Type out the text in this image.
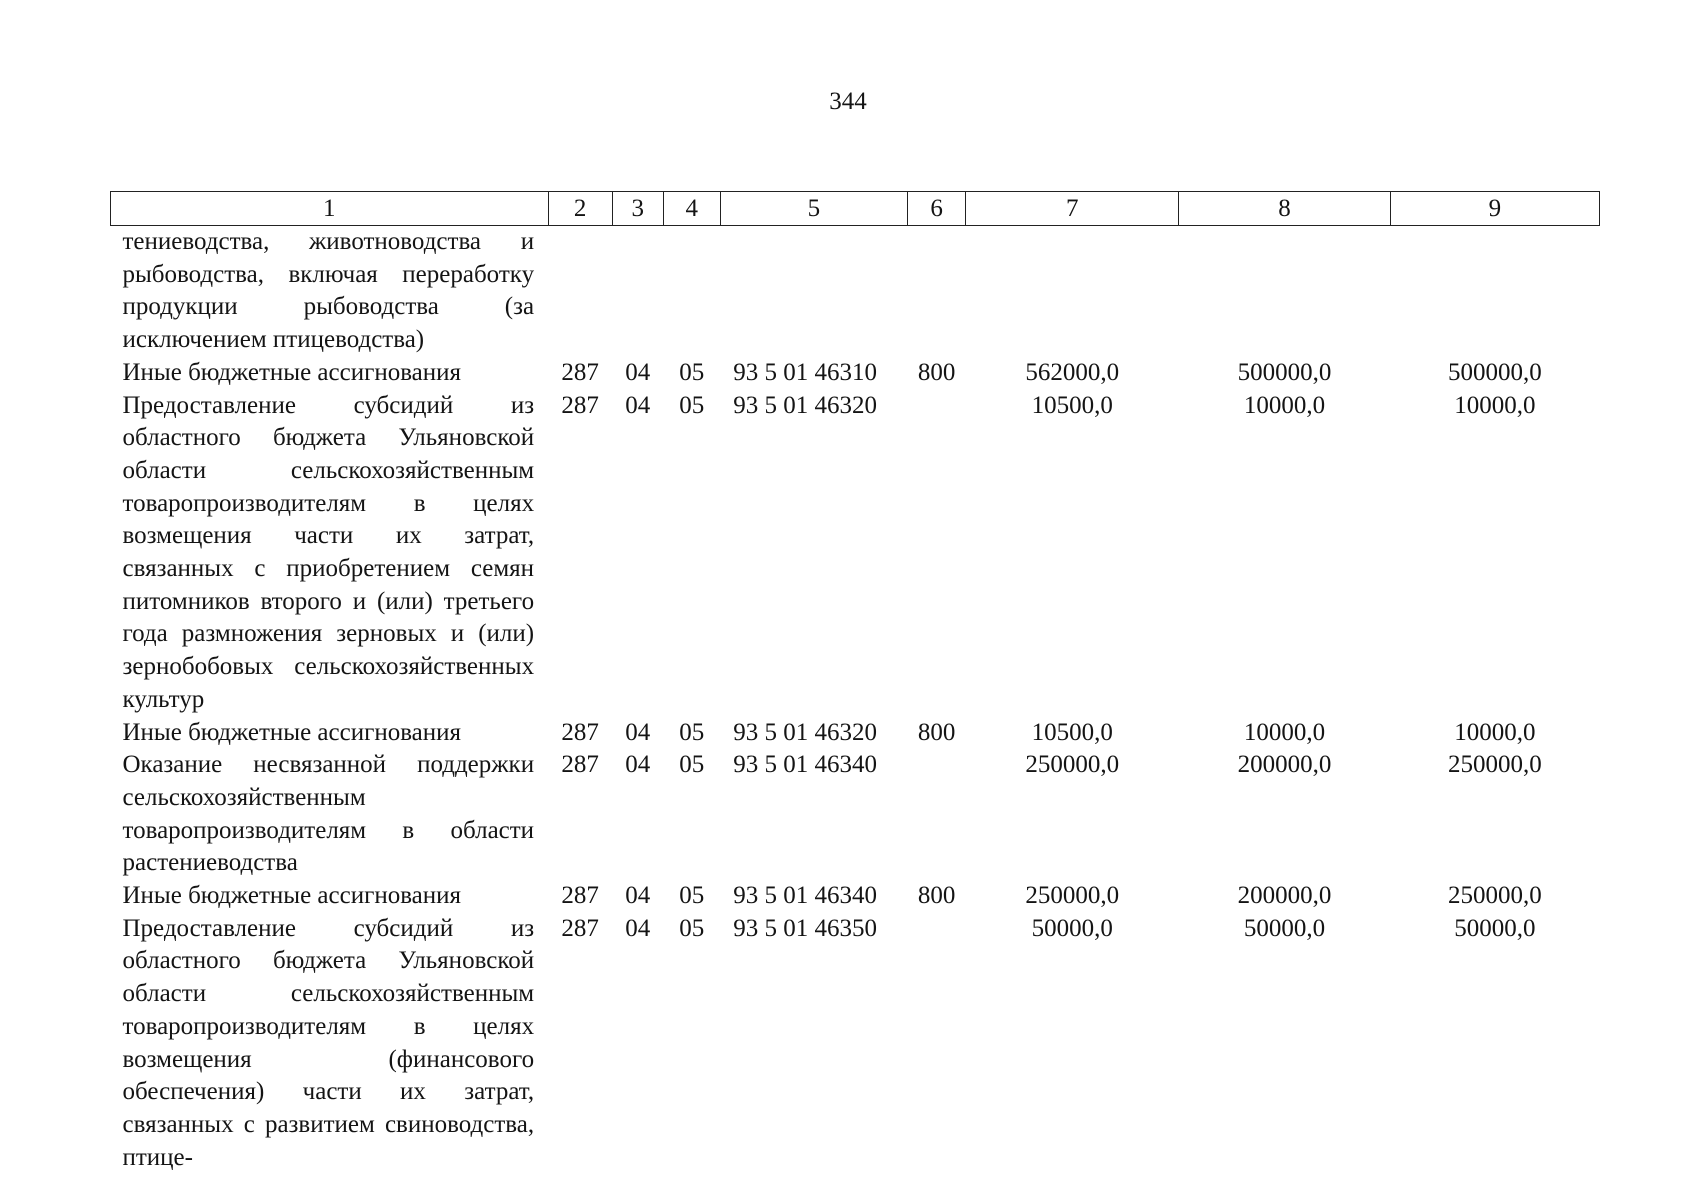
344
1	2	3	4	5	6	7	8	9
тениеводства, животноводства и рыбоводства, включая переработку продукции рыбоводства (за исключением птицеводства)								
Иные бюджетные ассигнования	287	04	05	93 5 01 46310	800	562000,0	500000,0	500000,0
Предоставление субсидий из областного бюджета Ульяновской области сельскохозяйственным товаропроизводителям в целях возмещения части их затрат, связанных с приобретением семян питомников второго и (или) третьего года размножения зерновых и (или) зернобобовых сельскохозяйственных культур	287	04	05	93 5 01 46320		10500,0	10000,0	10000,0
Иные бюджетные ассигнования	287	04	05	93 5 01 46320	800	10500,0	10000,0	10000,0
Оказание несвязанной поддержки сельскохозяйственным товаропроизводителям в области растениеводства	287	04	05	93 5 01 46340		250000,0	200000,0	250000,0
Иные бюджетные ассигнования	287	04	05	93 5 01 46340	800	250000,0	200000,0	250000,0
Предоставление субсидий из областного бюджета Ульяновской области сельскохозяйственным товаропроизводителям в целях возмещения (финансового обеспечения) части их затрат, связанных с развитием свиноводства, птице-	287	04	05	93 5 01 46350		50000,0	50000,0	50000,0
